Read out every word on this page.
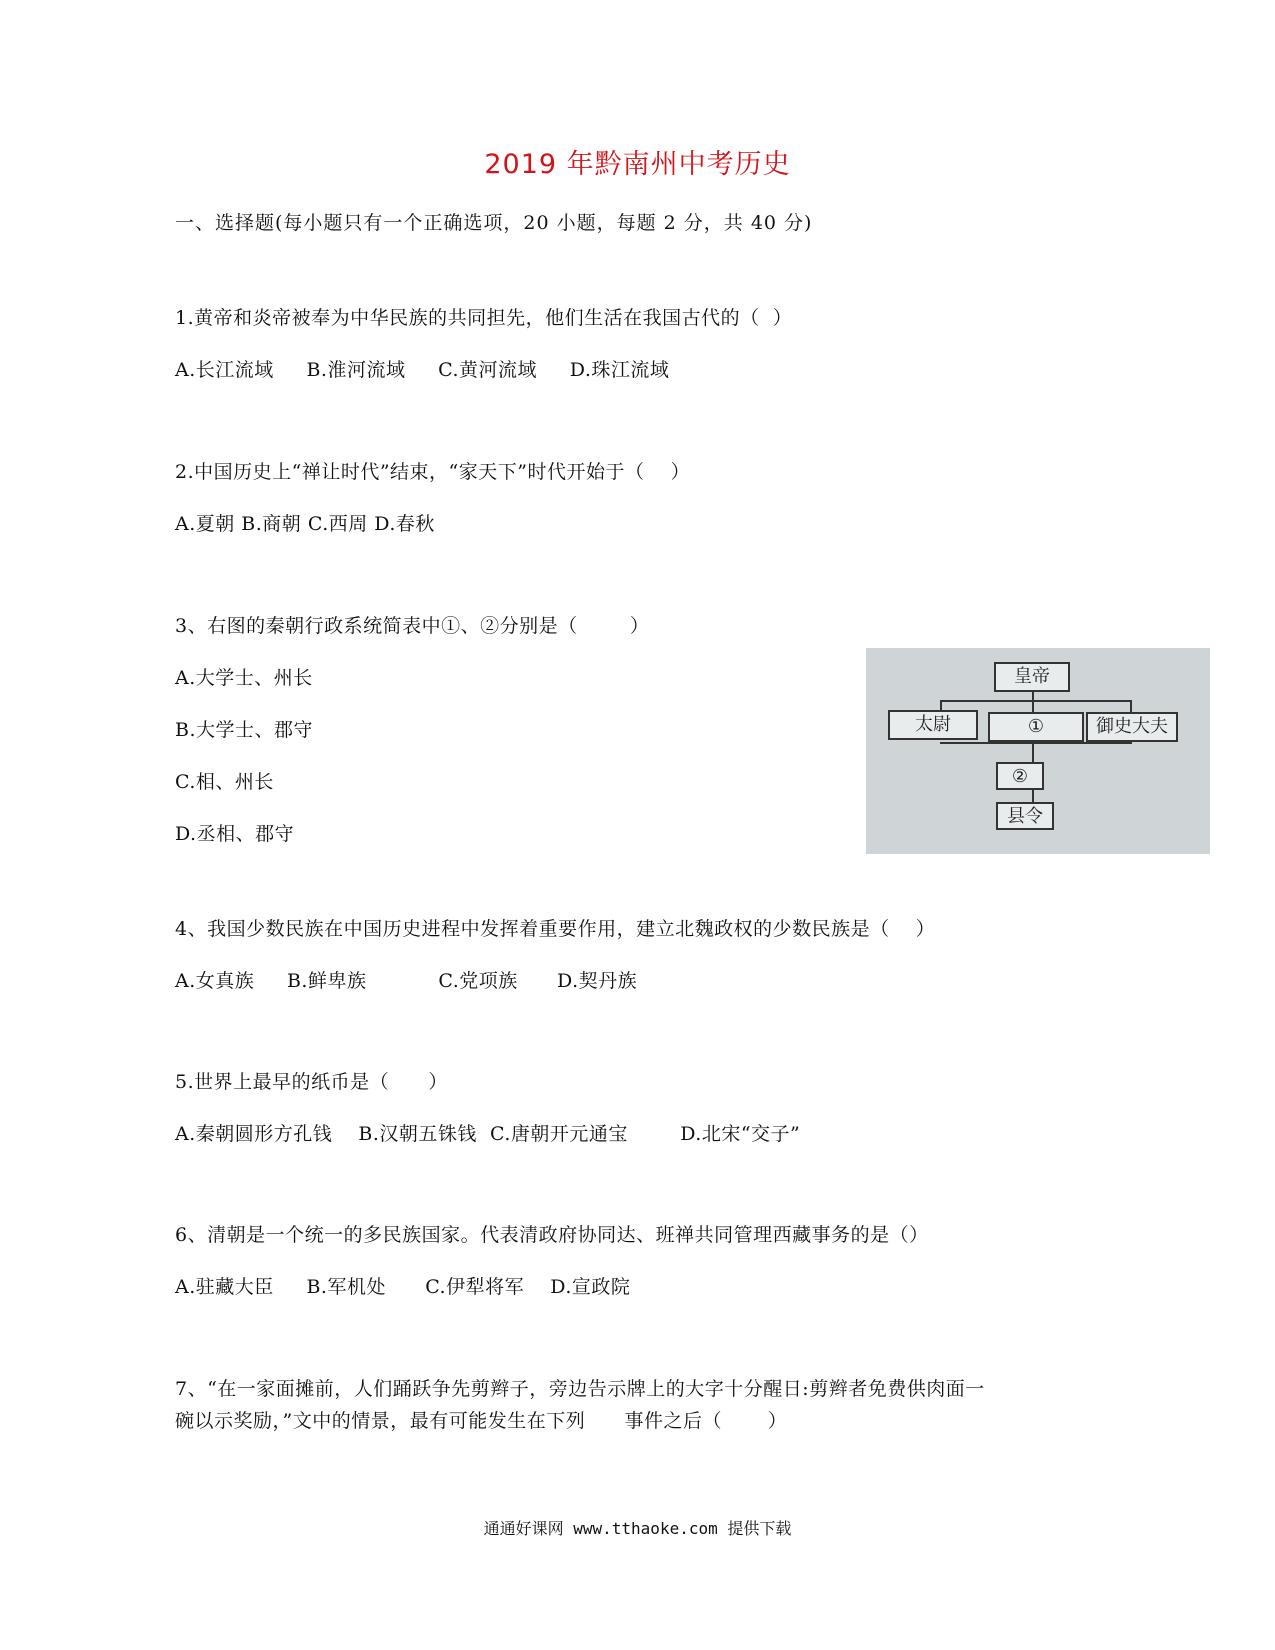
2019 年黔南州中考历史
一、选择题(每小题只有一个正确选项，20 小题，每题 2 分，共 40 分)
1.黄帝和炎帝被奉为中华民族的共同担先，他们生活在我国古代的（  ）
A.长江流域     B.淮河流域     C.黄河流域     D.珠江流域
2.中国历史上“禅让时代”结束，“家天下”时代开始于（    ）
A.夏朝 B.商朝 C.西周 D.春秋
3、右图的秦朝行政系统简表中①、②分别是（        ）
A.大学士、州长
B.大学士、郡守
C.相、州长
D.丞相、郡守
皇帝
太尉	①	御史大夫
②
县令
4、我国少数民族在中国历史进程中发挥着重要作用，建立北魏政权的少数民族是（    ）
A.女真族     B.鲜卑族           C.党项族      D.契丹族
5.世界上最早的纸币是（      ）
A.秦朝圆形方孔钱    B.汉朝五铢钱  C.唐朝开元通宝        D.北宋“交子”
6、清朝是一个统一的多民族国家。代表清政府协同达、班禅共同管理西藏事务的是（）
A.驻藏大臣     B.军机处      C.伊犁将军    D.宣政院
7、“在一家面摊前，人们踊跃争先剪辫子，旁边告示牌上的大字十分醒日:剪辫者免费供肉面一
碗以示奖励，”文中的情景，最有可能发生在下列      事件之后（       ）
通通好课网 www.tthaoke.com 提供下载
